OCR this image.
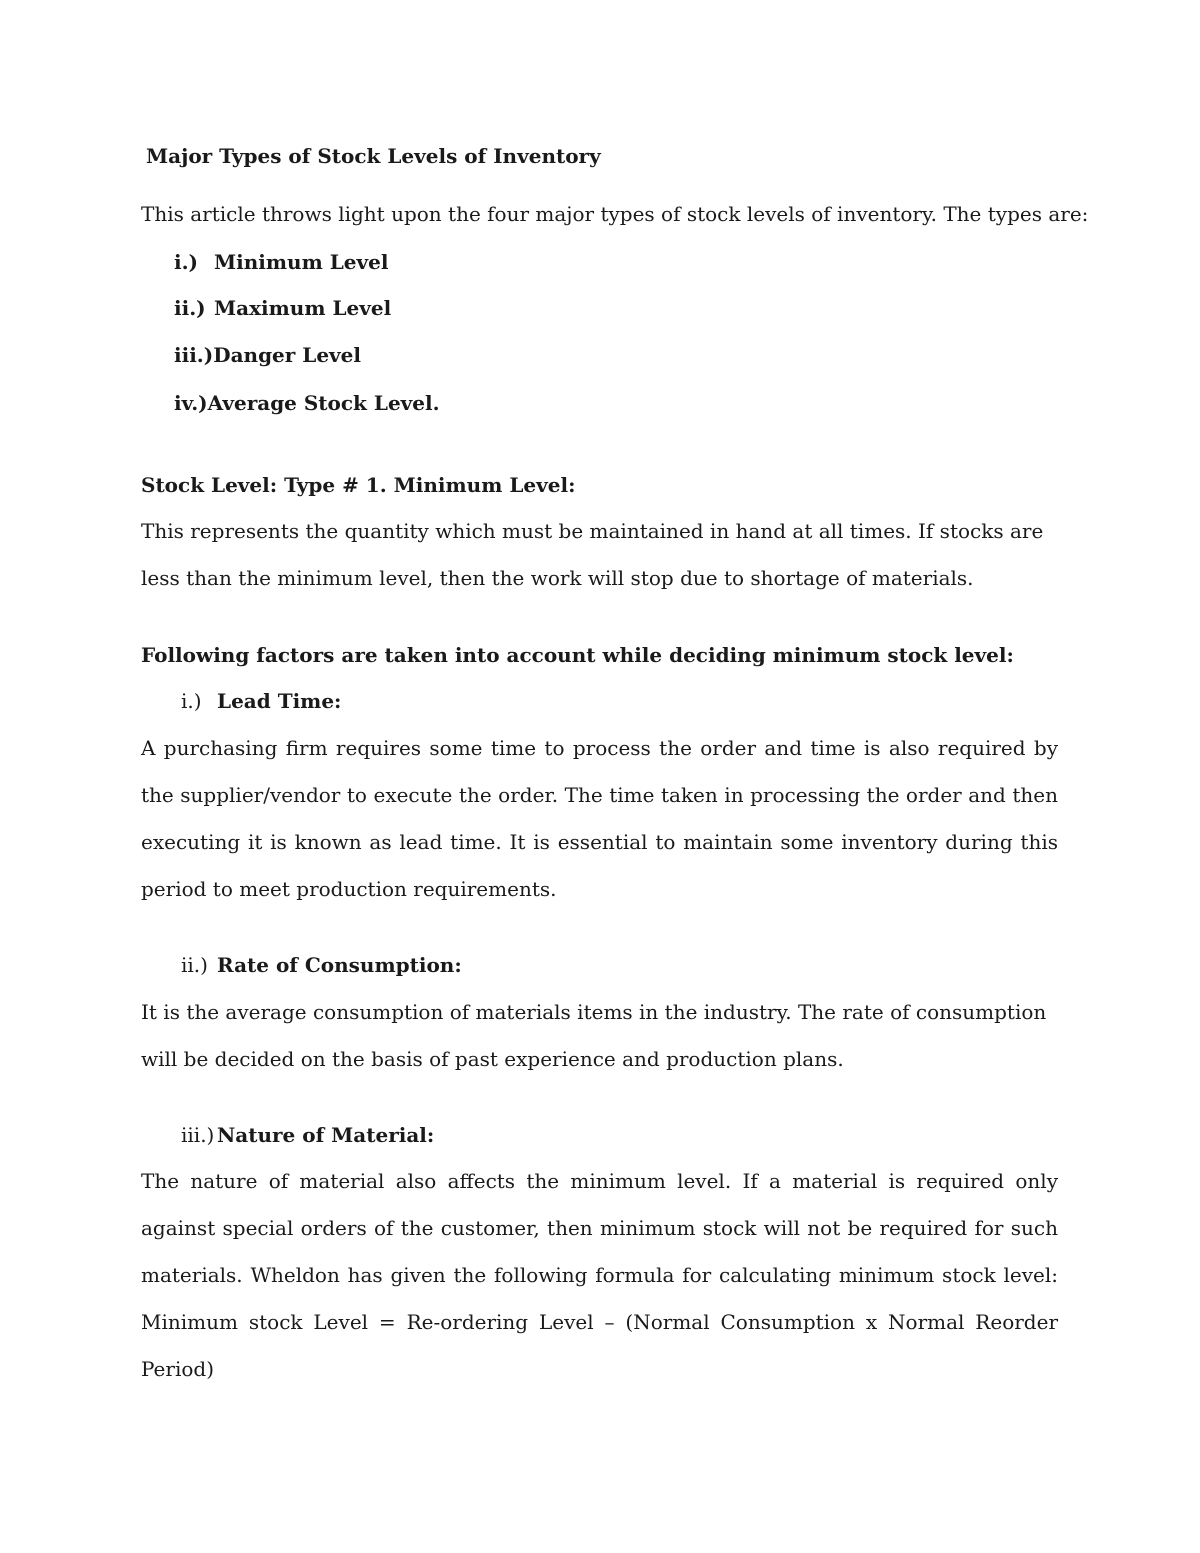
Major Types of Stock Levels of Inventory

This article throws light upon the four major types of stock levels of inventory. The types are:

i.) Minimum Level
ii.) Maximum Level
iii.)Danger Level
iv.)Average Stock Level.

Stock Level: Type # 1. Minimum Level:

This represents the quantity which must be maintained in hand at all times. If stocks are less than the minimum level, then the work will stop due to shortage of materials.

Following factors are taken into account while deciding minimum stock level:

i.) Lead Time:

A purchasing firm requires some time to process the order and time is also required by the supplier/vendor to execute the order. The time taken in processing the order and then executing it is known as lead time. It is essential to maintain some inventory during this period to meet production requirements.

ii.) Rate of Consumption:

It is the average consumption of materials items in the industry. The rate of consumption will be decided on the basis of past experience and production plans.

iii.) Nature of Material:

The nature of material also affects the minimum level. If a material is required only against special orders of the customer, then minimum stock will not be required for such materials. Wheldon has given the following formula for calculating minimum stock level: Minimum stock Level = Re-ordering Level – (Normal Consumption x Normal Reorder Period)
